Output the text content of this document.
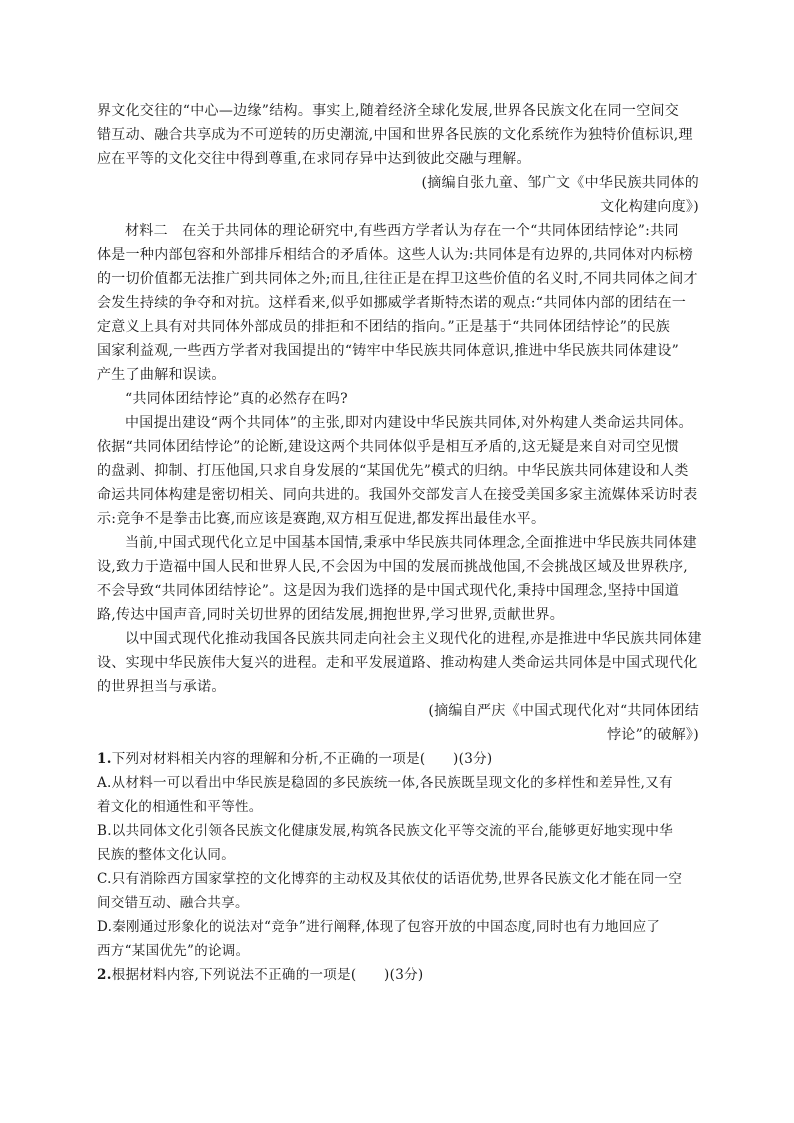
界文化交往的“中心—边缘”结构。事实上,随着经济全球化发展,世界各民族文化在同一空间交
错互动、融合共享成为不可逆转的历史潮流,中国和世界各民族的文化系统作为独特价值标识,理
应在平等的文化交往中得到尊重,在求同存异中达到彼此交融与理解。
(摘编自张九童、邹广文《中华民族共同体的
文化构建向度》)
材料二　在关于共同体的理论研究中,有些西方学者认为存在一个“共同体团结悖论”:共同
体是一种内部包容和外部排斥相结合的矛盾体。这些人认为:共同体是有边界的,共同体对内标榜
的一切价值都无法推广到共同体之外;而且,往往正是在捍卫这些价值的名义时,不同共同体之间才
会发生持续的争夺和对抗。这样看来,似乎如挪威学者斯特杰诺的观点:“共同体内部的团结在一
定意义上具有对共同体外部成员的排拒和不团结的指向。”正是基于“共同体团结悖论”的民族
国家利益观,一些西方学者对我国提出的“铸牢中华民族共同体意识,推进中华民族共同体建设”
产生了曲解和误读。
“共同体团结悖论”真的必然存在吗?
中国提出建设“两个共同体”的主张,即对内建设中华民族共同体,对外构建人类命运共同体。
依据“共同体团结悖论”的论断,建设这两个共同体似乎是相互矛盾的,这无疑是来自对司空见惯
的盘剥、抑制、打压他国,只求自身发展的“某国优先”模式的归纳。中华民族共同体建设和人类
命运共同体构建是密切相关、同向共进的。我国外交部发言人在接受美国多家主流媒体采访时表
示:竞争不是拳击比赛,而应该是赛跑,双方相互促进,都发挥出最佳水平。
当前,中国式现代化立足中国基本国情,秉承中华民族共同体理念,全面推进中华民族共同体建
设,致力于造福中国人民和世界人民,不会因为中国的发展而挑战他国,不会挑战区域及世界秩序,
不会导致“共同体团结悖论”。这是因为我们选择的是中国式现代化,秉持中国理念,坚持中国道
路,传达中国声音,同时关切世界的团结发展,拥抱世界,学习世界,贡献世界。
以中国式现代化推动我国各民族共同走向社会主义现代化的进程,亦是推进中华民族共同体建
设、实现中华民族伟大复兴的进程。走和平发展道路、推动构建人类命运共同体是中国式现代化
的世界担当与承诺。
(摘编自严庆《中国式现代化对“共同体团结
悖论”的破解》)
1.下列对材料相关内容的理解和分析,不正确的一项是(　　)(3分)
A.从材料一可以看出中华民族是稳固的多民族统一体,各民族既呈现文化的多样性和差异性,又有
着文化的相通性和平等性。
B.以共同体文化引领各民族文化健康发展,构筑各民族文化平等交流的平台,能够更好地实现中华
民族的整体文化认同。
C.只有消除西方国家掌控的文化博弈的主动权及其依仗的话语优势,世界各民族文化才能在同一空
间交错互动、融合共享。
D.秦刚通过形象化的说法对“竞争”进行阐释,体现了包容开放的中国态度,同时也有力地回应了
西方“某国优先”的论调。
2.根据材料内容,下列说法不正确的一项是(　　)(3分)
